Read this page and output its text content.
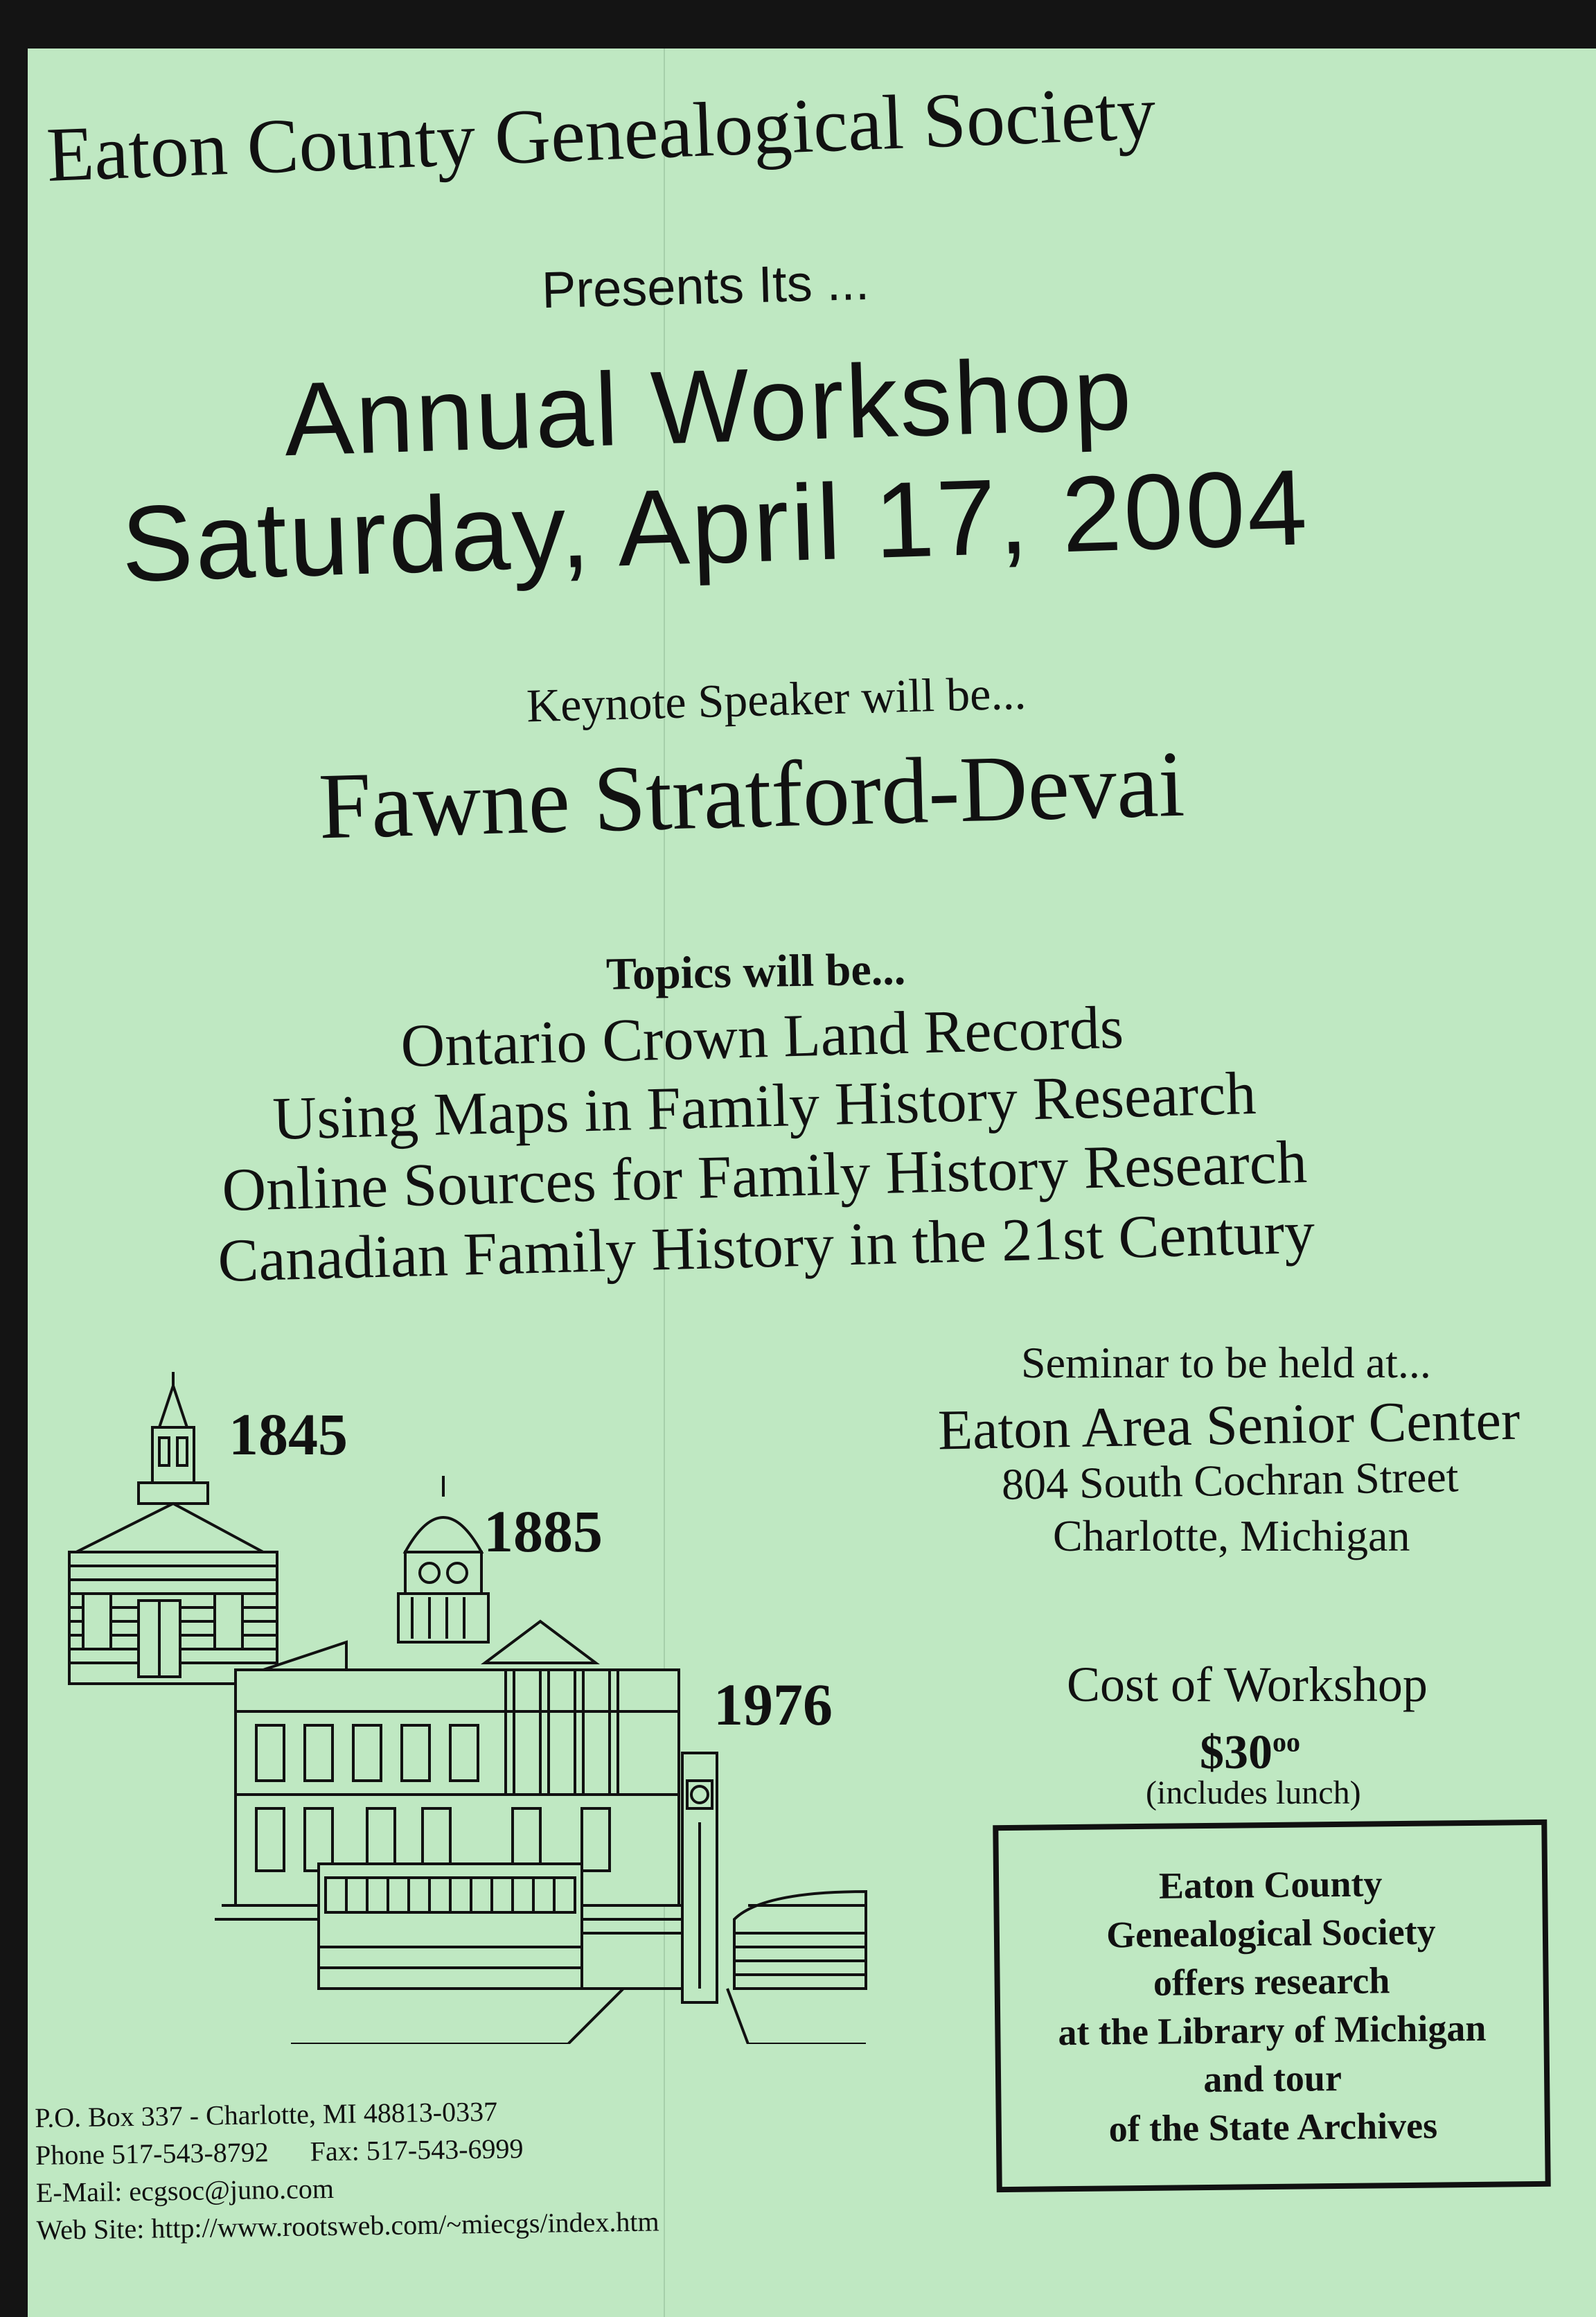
Eaton County Genealogical Society
Presents Its ...
Annual Workshop
Saturday, April 17, 2004
Keynote Speaker will be...
Fawne Stratford-Devai
Topics will be...
Ontario Crown Land Records
Using Maps in Family History Research
Online Sources for Family History Research
Canadian Family History in the 21st Century
1845
1885
1976
Seminar to be held at...
Eaton Area Senior Center
804 South Cochran Street
Charlotte, Michigan
Cost of Workshop
$\$30^{oo}$
(includes lunch)
Eaton County
Genealogical Society
offers research
at the Library of Michigan
and tour
of the State Archives
P.O. Box 337 - Charlotte, MI 48813-0337
Phone 517-543-8792 Fax: 517-543-6999
E-Mail: ecgsoc@juno.com
Web Site: http://www.rootsweb.com/~miecgs/index.htm
